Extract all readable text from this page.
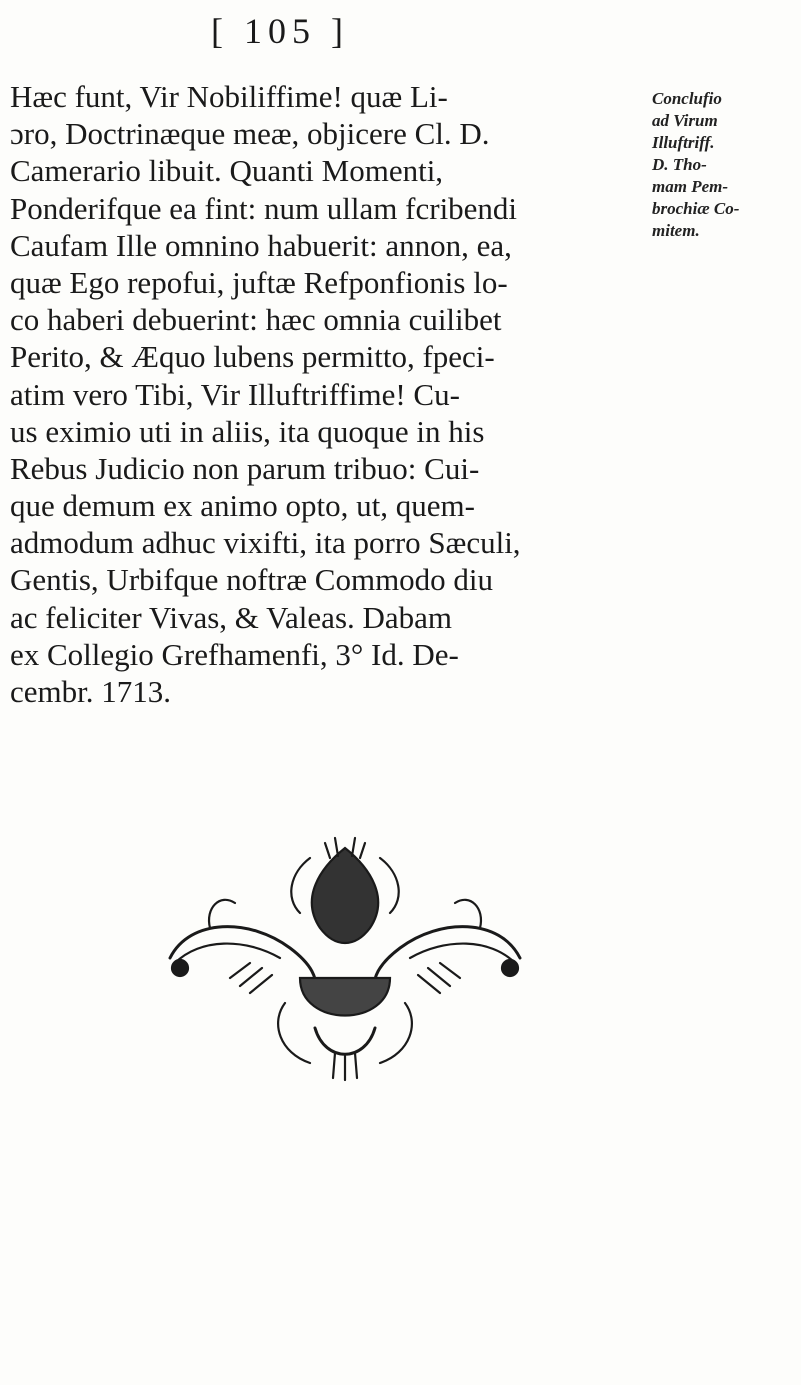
[ 105 ]
Hæc funt, Vir Nobiliffime! quæ Li-
ɔro, Doctrinæque meæ, objicere Cl. D.
Camerario libuit. Quanti Momenti,
Ponderifque ea fint: num ullam fcribendi
Caufam Ille omnino habuerit: annon, ea,
quæ Ego repofui, juftæ Refponfionis lo-
co haberi debuerint: hæc omnia cuilibet
Perito, & Æquo lubens permitto, fpeci-
atim vero Tibi, Vir Illuftriffime! Cu-
us eximio uti in aliis, ita quoque in his
Rebus Judicio non parum tribuo: Cui-
que demum ex animo opto, ut, quem-
admodum adhuc vixifti, ita porro Sæculi,
Gentis, Urbifque noftræ Commodo diu
ac feliciter Vivas, & Valeas. Dabam
ex Collegio Grefhamenfi, 3° Id. De-
cembr. 1713.
Conclufio
ad Virum
Illuftriff.
D. Tho-
mam Pem-
brochiæ Co-
mitem.
